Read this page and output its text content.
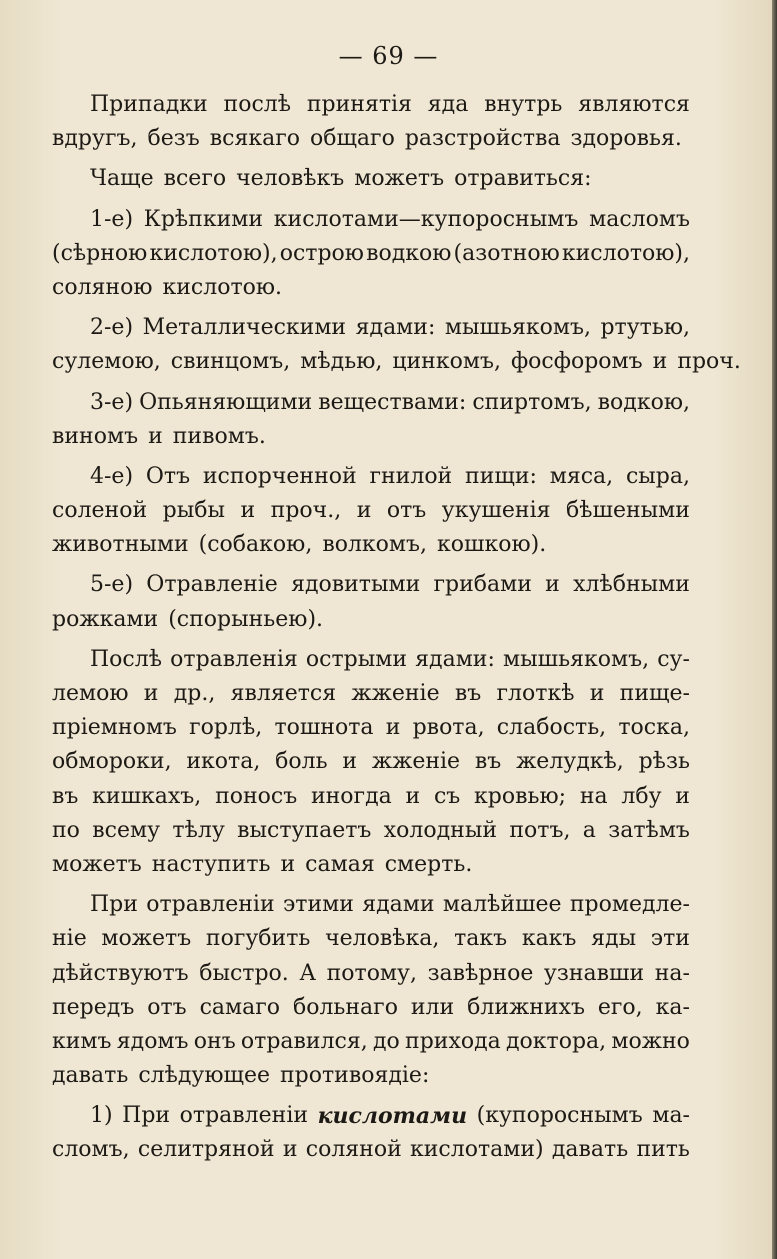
— 69 —
Припадки послѣ принятія яда внутрь являются
вдругъ, безъ всякаго общаго разстройства здоровья.
Чаще всего человѣкъ можетъ отравиться:
1-е) Крѣпкими кислотами—купороснымъ масломъ
(сѣрною кислотою), острою водкою (азотною кислотою),
соляною кислотою.
2-е) Металлическими ядами: мышьякомъ, ртутью,
сулемою, свинцомъ, мѣдью, цинкомъ, фосфоромъ и проч.
3-е) Опьяняющими веществами: спиртомъ, водкою,
виномъ и пивомъ.
4-е) Отъ испорченной гнилой пищи: мяса, сыра,
соленой рыбы и проч., и отъ укушенія бѣшеными
животными (собакою, волкомъ, кошкою).
5-е) Отравленіе ядовитыми грибами и хлѣбными
рожками (спорыньею).
Послѣ отравленія острыми ядами: мышьякомъ, су-
лемою и др., является жженіе въ глоткѣ и пище-
пріемномъ горлѣ, тошнота и рвота, слабость, тоска,
обмороки, икота, боль и жженіе въ желудкѣ, рѣзь
въ кишкахъ, поносъ иногда и съ кровью; на лбу и
по всему тѣлу выступаетъ холодный потъ, а затѣмъ
можетъ наступить и самая смерть.
При отравленіи этими ядами малѣйшее промедле-
ніе можетъ погубить человѣка, такъ какъ яды эти
дѣйствуютъ быстро. А потому, завѣрное узнавши на-
передъ отъ самаго больнаго или ближнихъ его, ка-
кимъ ядомъ онъ отравился, до прихода доктора, можно
давать слѣдующее противоядіе:
1) При отравленіи кислотами (купороснымъ ма-
сломъ, селитряной и соляной кислотами) давать пить
